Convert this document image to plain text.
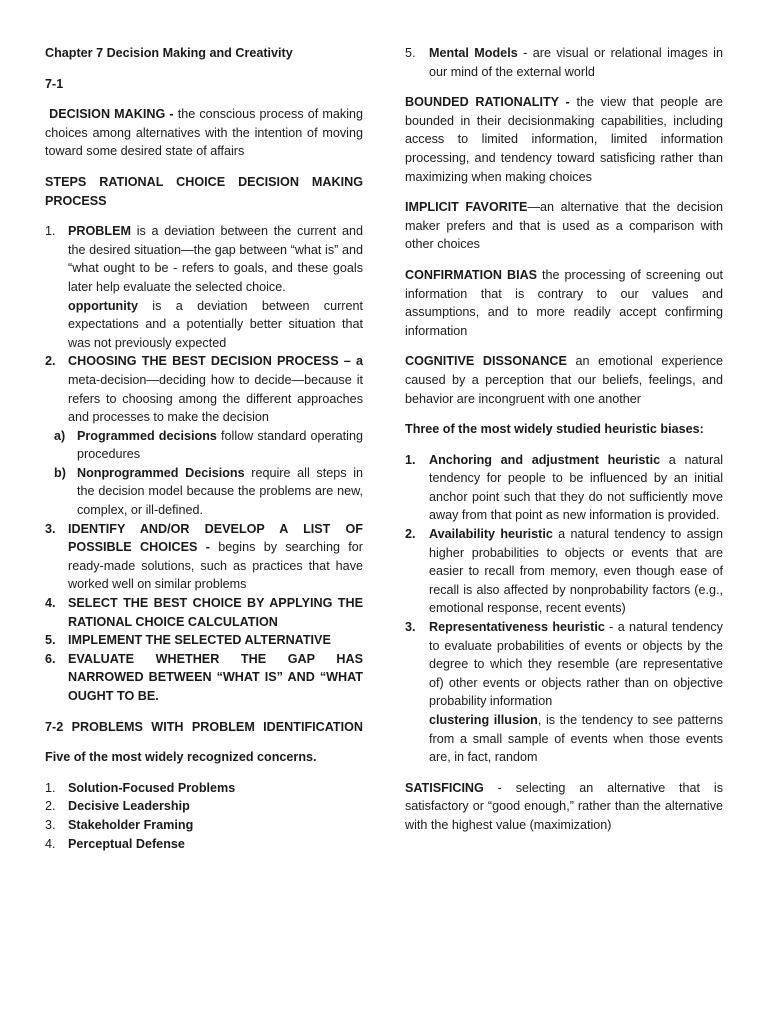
Chapter 7 Decision Making and Creativity

7-1

DECISION MAKING - the conscious process of making choices among alternatives with the intention of moving toward some desired state of affairs

STEPS RATIONAL CHOICE DECISION MAKING PROCESS

1. PROBLEM is a deviation between the current and the desired situation—the gap between “what is” and “what ought to be - refers to goals, and these goals later help evaluate the selected choice.
opportunity is a deviation between current expectations and a potentially better situation that was not previously expected
2. CHOOSING THE BEST DECISION PROCESS – a meta-decision—deciding how to decide—because it refers to choosing among the different approaches and processes to make the decision
a) Programmed decisions follow standard operating procedures
b) Nonprogrammed Decisions require all steps in the decision model because the problems are new, complex, or ill-defined.
3. IDENTIFY AND/OR DEVELOP A LIST OF POSSIBLE CHOICES - begins by searching for ready-made solutions, such as practices that have worked well on similar problems
4. SELECT THE BEST CHOICE BY APPLYING THE RATIONAL CHOICE CALCULATION
5. IMPLEMENT THE SELECTED ALTERNATIVE
6. EVALUATE WHETHER THE GAP HAS NARROWED BETWEEN “WHAT IS” AND “WHAT OUGHT TO BE.

7-2 PROBLEMS WITH PROBLEM IDENTIFICATION

Five of the most widely recognized concerns.

1. Solution-Focused Problems
2. Decisive Leadership
3. Stakeholder Framing
4. Perceptual Defense
5. Mental Models - are visual or relational images in our mind of the external world

BOUNDED RATIONALITY - the view that people are bounded in their decisionmaking capabilities, including access to limited information, limited information processing, and tendency toward satisficing rather than maximizing when making choices

IMPLICIT FAVORITE—an alternative that the decision maker prefers and that is used as a comparison with other choices

CONFIRMATION BIAS the processing of screening out information that is contrary to our values and assumptions, and to more readily accept confirming information

COGNITIVE DISSONANCE an emotional experience caused by a perception that our beliefs, feelings, and behavior are incongruent with one another

Three of the most widely studied heuristic biases:

1. Anchoring and adjustment heuristic a natural tendency for people to be influenced by an initial anchor point such that they do not sufficiently move away from that point as new information is provided.
2. Availability heuristic a natural tendency to assign higher probabilities to objects or events that are easier to recall from memory, even though ease of recall is also affected by nonprobability factors (e.g., emotional response, recent events)
3. Representativeness heuristic - a natural tendency to evaluate probabilities of events or objects by the degree to which they resemble (are representative of) other events or objects rather than on objective probability information
clustering illusion, is the tendency to see patterns from a small sample of events when those events are, in fact, random

SATISFICING - selecting an alternative that is satisfactory or “good enough,” rather than the alternative with the highest value (maximization)
